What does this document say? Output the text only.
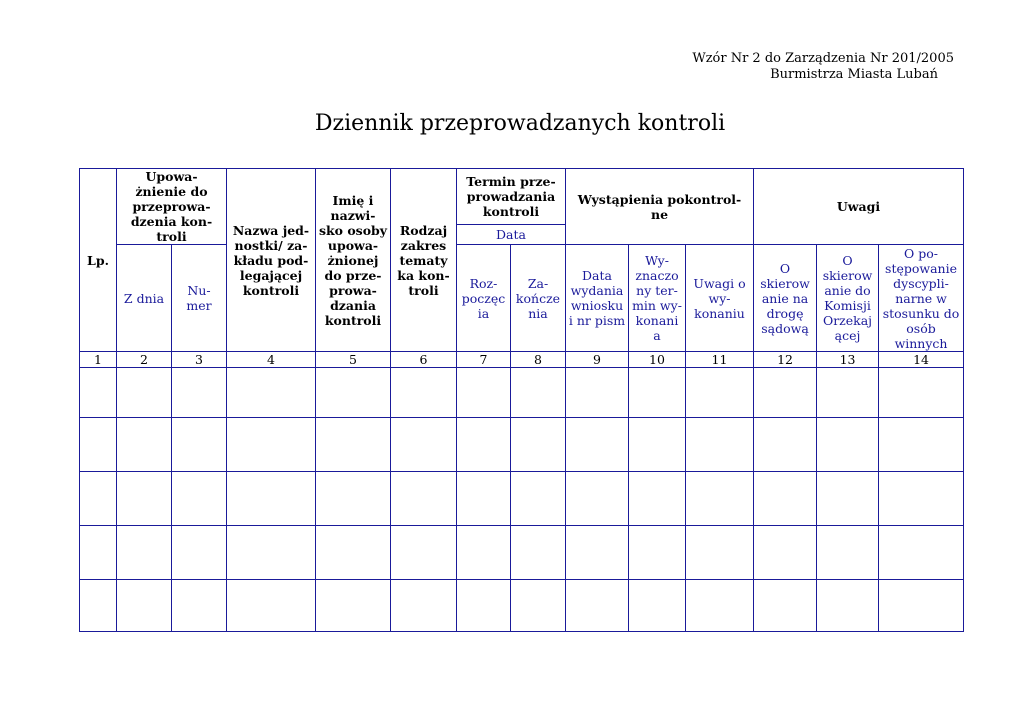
Wzór Nr 2 do Zarządzenia Nr 201/2005
Burmistrza Miasta Lubań
Dziennik przeprowadzanych kontroli
Lp.	Upowa- żnienie do przeprowa- dzenia kon- troli		Nazwa jed- nostki/ za- kładu pod- legającej kontroli	Imię i nazwi- sko osoby upowa- żnionej do prze- prowa- dzania kontroli	Rodzaj zakres tematy ka kon- troli	Termin prze- prowadzania kontroli		Wystąpienia pokontrol- ne			Uwagi		
						Data							
	Z dnia	Nu- mer				Roz- poczęc ia	Za- kończe nia	Data wydania wniosku i nr pism	Wy- znaczo ny ter- min wy- konani a	Uwagi o wy- konaniu	O skierow anie na drogę sądową	O skierow anie do Komisji Orzekaj ącej	O po- stępowanie dyscypli- narne w stosunku do osób winnych
1	2	3	4	5	6	7	8	9	10	11	12	13	14
